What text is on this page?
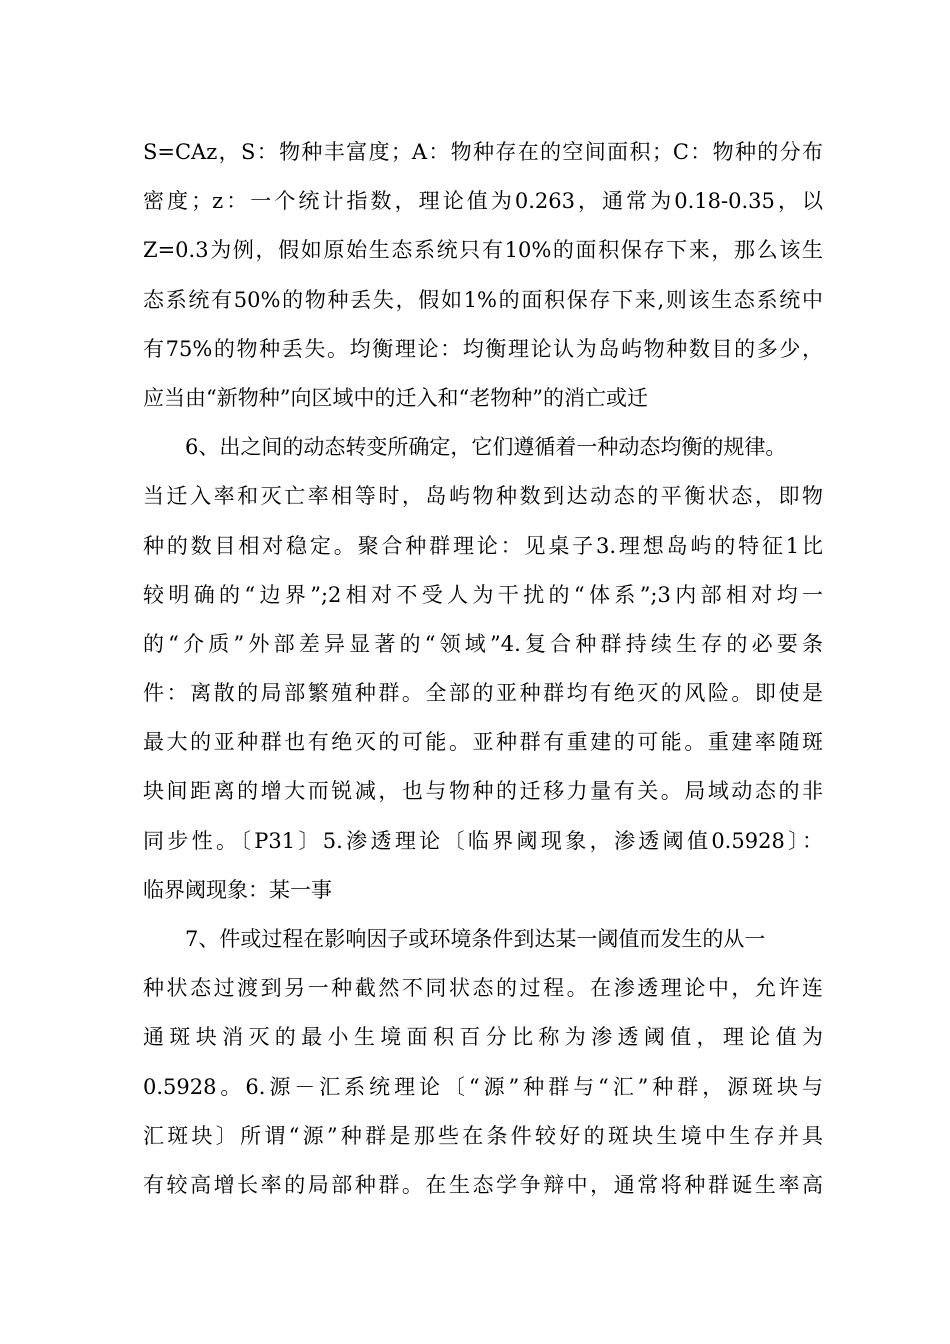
S=CAz，S：物种丰富度；A：物种存在的空间面积；C：物种的分布
密度；z：一个统计指数，理论值为0.263，通常为0.18-0.35，以
Z=0.3为例，假如原始生态系统只有10%的面积保存下来，那么该生
态系统有50%的物种丢失，假如1%的面积保存下来,则该生态系统中
有75%的物种丢失。均衡理论：均衡理论认为岛屿物种数目的多少，
应当由“新物种”向区域中的迁入和“老物种”的消亡或迁
6、出之间的动态转变所确定，它们遵循着一种动态均衡的规律。
当迁入率和灭亡率相等时，岛屿物种数到达动态的平衡状态，即物
种的数目相对稳定。聚合种群理论：见桌子3.理想岛屿的特征1比
较明确的“边界”;2相对不受人为干扰的“体系”;3内部相对均一
的“介质”外部差异显著的“领域”4.复合种群持续生存的必要条
件：离散的局部繁殖种群。全部的亚种群均有绝灭的风险。即使是
最大的亚种群也有绝灭的可能。亚种群有重建的可能。重建率随斑
块间距离的增大而锐减，也与物种的迁移力量有关。局域动态的非
同步性。〔P31〕5.渗透理论〔临界阈现象，渗透阈值0.5928〕：
临界阈现象：某一事
7、件或过程在影响因子或环境条件到达某一阈值而发生的从一
种状态过渡到另一种截然不同状态的过程。在渗透理论中，允许连
通斑块消灭的最小生境面积百分比称为渗透阈值，理论值为
0.5928。6.源－汇系统理论〔“源”种群与“汇”种群，源斑块与
汇斑块〕所谓“源”种群是那些在条件较好的斑块生境中生存并具
有较高增长率的局部种群。在生态学争辩中，通常将种群诞生率高
